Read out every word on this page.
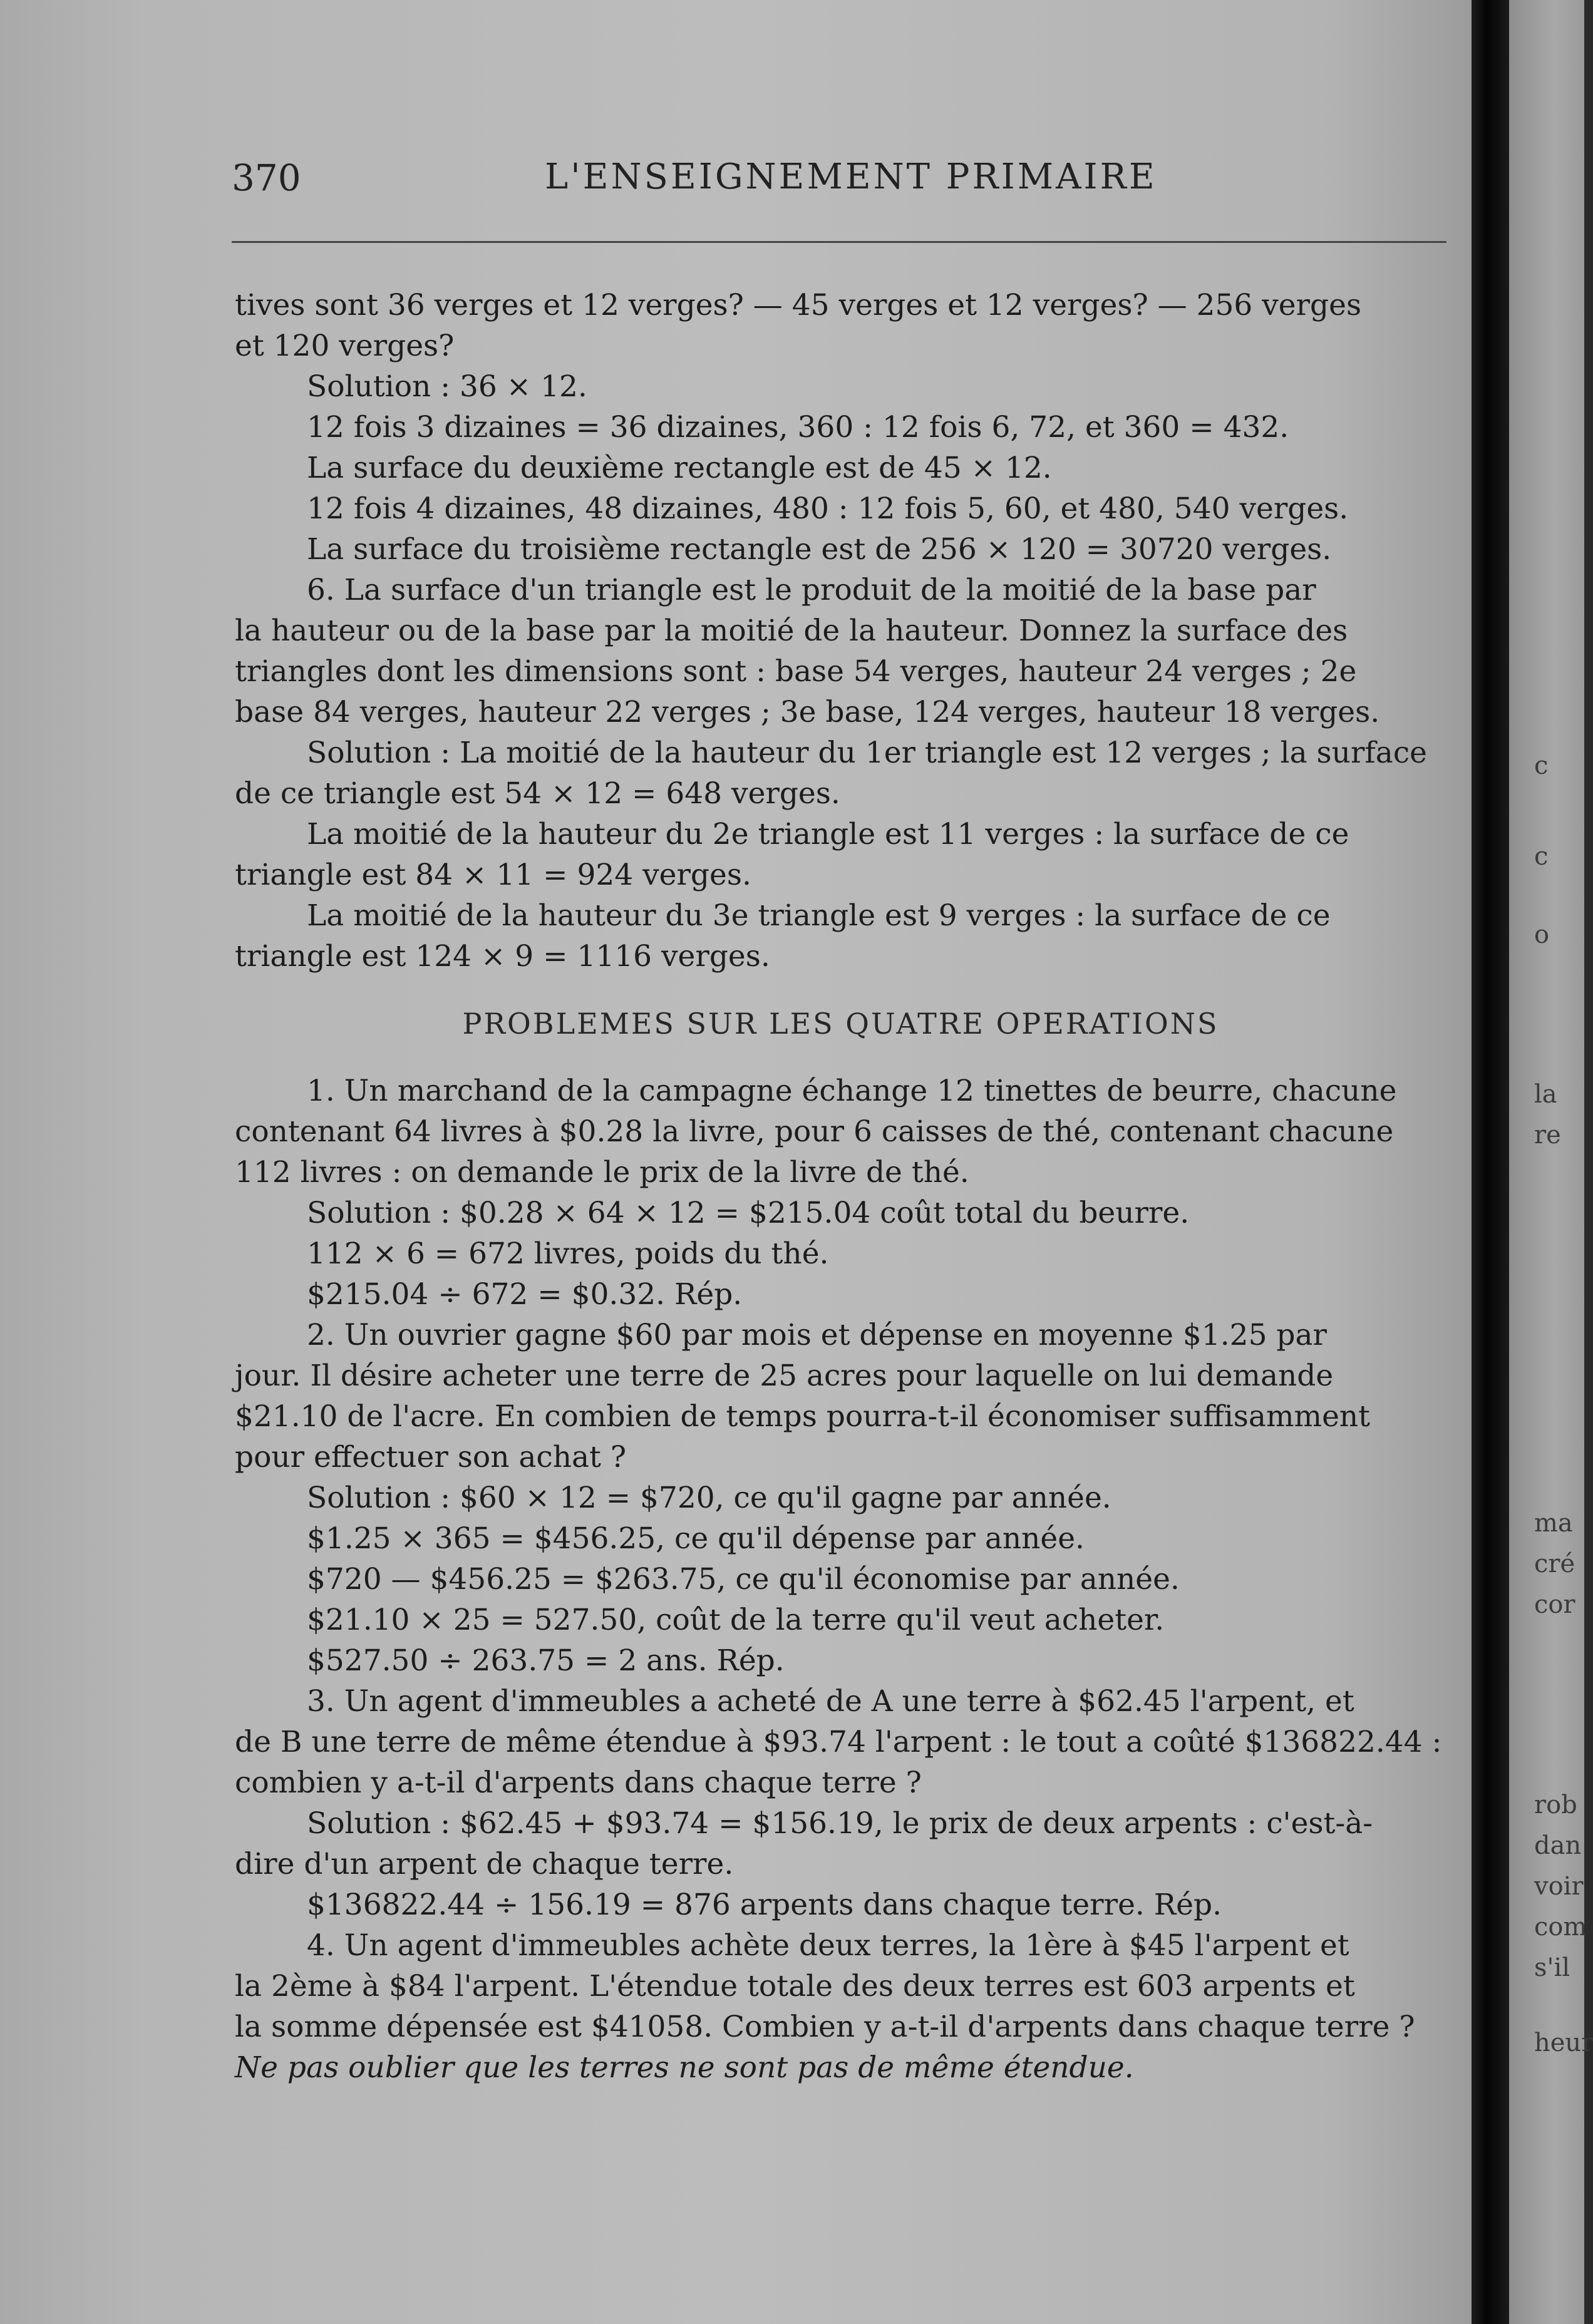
370	L'ENSEIGNEMENT PRIMAIRE
tives sont 36 verges et 12 verges? — 45 verges et 12 verges? — 256 verges
et 120 verges?
Solution : 36 × 12.
12 fois 3 dizaines = 36 dizaines, 360 : 12 fois 6, 72, et 360 = 432.
La surface du deuxième rectangle est de 45 × 12.
12 fois 4 dizaines, 48 dizaines, 480 : 12 fois 5, 60, et 480, 540 verges.
La surface du troisième rectangle est de 256 × 120 = 30720 verges.
6. La surface d'un triangle est le produit de la moitié de la base par
la hauteur ou de la base par la moitié de la hauteur. Donnez la surface des
triangles dont les dimensions sont : base 54 verges, hauteur 24 verges ; 2e
base 84 verges, hauteur 22 verges ; 3e base, 124 verges, hauteur 18 verges.
Solution : La moitié de la hauteur du 1er triangle est 12 verges ; la surface
de ce triangle est 54 × 12 = 648 verges.
La moitié de la hauteur du 2e triangle est 11 verges : la surface de ce
triangle est 84 × 11 = 924 verges.
La moitié de la hauteur du 3e triangle est 9 verges : la surface de ce
triangle est 124 × 9 = 1116 verges.
PROBLEMES SUR LES QUATRE OPERATIONS
1. Un marchand de la campagne échange 12 tinettes de beurre, chacune
contenant 64 livres à $0.28 la livre, pour 6 caisses de thé, contenant chacune
112 livres : on demande le prix de la livre de thé.
Solution : $0.28 × 64 × 12 = $215.04 coût total du beurre.
112 × 6 = 672 livres, poids du thé.
$215.04 ÷ 672 = $0.32. Rép.
2. Un ouvrier gagne $60 par mois et dépense en moyenne $1.25 par
jour. Il désire acheter une terre de 25 acres pour laquelle on lui demande
$21.10 de l'acre. En combien de temps pourra-t-il économiser suffisamment
pour effectuer son achat ?
Solution : $60 × 12 = $720, ce qu'il gagne par année.
$1.25 × 365 = $456.25, ce qu'il dépense par année.
$720 — $456.25 = $263.75, ce qu'il économise par année.
$21.10 × 25 = 527.50, coût de la terre qu'il veut acheter.
$527.50 ÷ 263.75 = 2 ans. Rép.
3. Un agent d'immeubles a acheté de A une terre à $62.45 l'arpent, et
de B une terre de même étendue à $93.74 l'arpent : le tout a coûté $136822.44 :
combien y a-t-il d'arpents dans chaque terre ?
Solution : $62.45 + $93.74 = $156.19, le prix de deux arpents : c'est-à-
dire d'un arpent de chaque terre.
$136822.44 ÷ 156.19 = 876 arpents dans chaque terre. Rép.
4. Un agent d'immeubles achète deux terres, la 1ère à $45 l'arpent et
la 2ème à $84 l'arpent. L'étendue totale des deux terres est 603 arpents et
la somme dépensée est $41058. Combien y a-t-il d'arpents dans chaque terre ?
Ne pas oublier que les terres ne sont pas de même étendue.
c
c
o
la
re
ma
cré
cor
rob
dan
voir
com
s'il
heur
